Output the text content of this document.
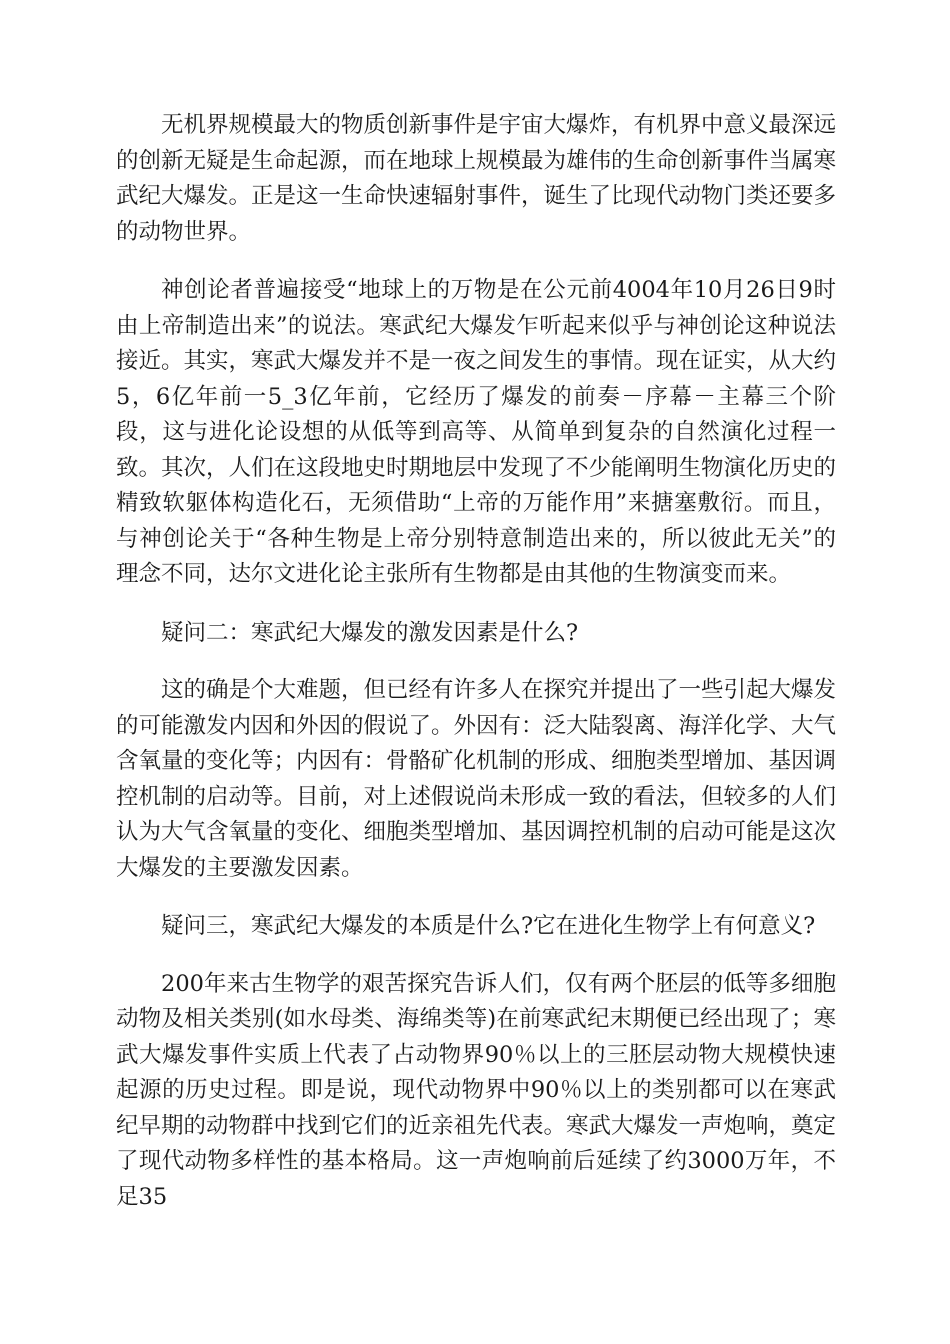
无机界规模最大的物质创新事件是宇宙大爆炸，有机界中意义最深远的创新无疑是生命起源，而在地球上规模最为雄伟的生命创新事件当属寒武纪大爆发。正是这一生命快速辐射事件，诞生了比现代动物门类还要多的动物世界。

神创论者普遍接受“地球上的万物是在公元前4004年10月26日9时由上帝制造出来”的说法。寒武纪大爆发乍听起来似乎与神创论这种说法接近。其实，寒武大爆发并不是一夜之间发生的事情。现在证实，从大约5，6亿年前一5_3亿年前，它经历了爆发的前奏－序幕－主幕三个阶段，这与进化论设想的从低等到高等、从简单到复杂的自然演化过程一致。其次，人们在这段地史时期地层中发现了不少能阐明生物演化历史的精致软躯体构造化石，无须借助“上帝的万能作用”来搪塞敷衍。而且，与神创论关于“各种生物是上帝分别特意制造出来的，所以彼此无关”的理念不同，达尔文进化论主张所有生物都是由其他的生物演变而来。

疑问二：寒武纪大爆发的激发因素是什么?

这的确是个大难题，但已经有许多人在探究并提出了一些引起大爆发的可能激发内因和外因的假说了。外因有：泛大陆裂离、海洋化学、大气含氧量的变化等；内因有：骨骼矿化机制的形成、细胞类型增加、基因调控机制的启动等。目前，对上述假说尚未形成一致的看法，但较多的人们认为大气含氧量的变化、细胞类型增加、基因调控机制的启动可能是这次大爆发的主要激发因素。

疑问三，寒武纪大爆发的本质是什么?它在进化生物学上有何意义?

200年来古生物学的艰苦探究告诉人们，仅有两个胚层的低等多细胞动物及相关类别(如水母类、海绵类等)在前寒武纪末期便已经出现了；寒武大爆发事件实质上代表了占动物界90％以上的三胚层动物大规模快速起源的历史过程。即是说，现代动物界中90％以上的类别都可以在寒武纪早期的动物群中找到它们的近亲祖先代表。寒武大爆发一声炮响，奠定了现代动物多样性的基本格局。这一声炮响前后延续了约3000万年，不足35
